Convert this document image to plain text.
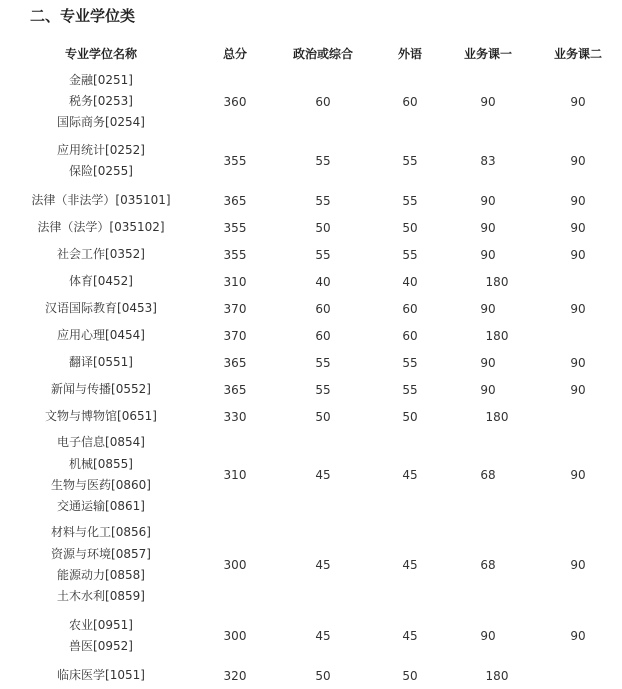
二、专业学位类
专业学位名称	总分	政治或综合	外语	业务课一	业务课二

金融[0251]
税务[0253]
国际商务[0254]	360	60	60	90	90

应用统计[0252]
保险[0255]	355	55	55	83	90

法律（非法学）[035101]	365	55	55	90	90

法律（法学）[035102]	355	50	50	90	90

社会工作[0352]	355	55	55	90	90

体育[0452]	310	40	40	180	

汉语国际教育[0453]	370	60	60	90	90

应用心理[0454]	370	60	60	180	

翻译[0551]	365	55	55	90	90

新闻与传播[0552]	365	55	55	90	90

文物与博物馆[0651]	330	50	50	180	

电子信息[0854]
机械[0855]
生物与医药[0860]
交通运输[0861]	310	45	45	68	90

材料与化工[0856]
资源与环境[0857]
能源动力[0858]
土木水利[0859]	300	45	45	68	90

农业[0951]
兽医[0952]	300	45	45	90	90

临床医学[1051]	320	50	50	180	
